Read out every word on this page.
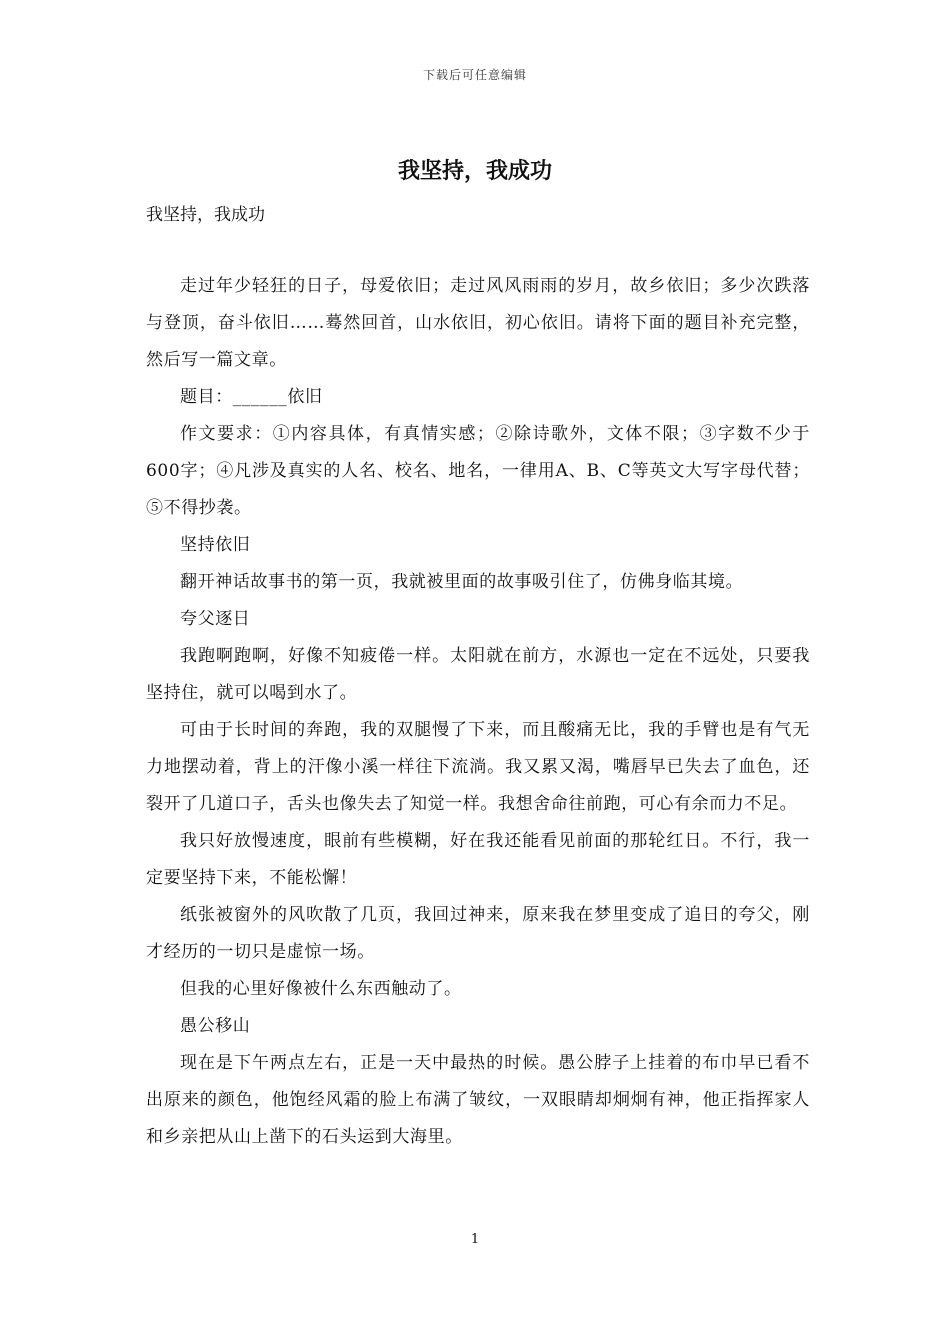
下载后可任意编辑
我坚持，我成功
我坚持，我成功

走过年少轻狂的日子，母爱依旧；走过风风雨雨的岁月，故乡依旧；多少次跌落与登顶，奋斗依旧……蓦然回首，山水依旧，初心依旧。请将下面的题目补充完整，然后写一篇文章。

题目：______依旧

作文要求：①内容具体，有真情实感；②除诗歌外，文体不限；③字数不少于600字；④凡涉及真实的人名、校名、地名，一律用A、B、C等英文大写字母代替；⑤不得抄袭。

坚持依旧

翻开神话故事书的第一页，我就被里面的故事吸引住了，仿佛身临其境。

夸父逐日

我跑啊跑啊，好像不知疲倦一样。太阳就在前方，水源也一定在不远处，只要我坚持住，就可以喝到水了。

可由于长时间的奔跑，我的双腿慢了下来，而且酸痛无比，我的手臂也是有气无力地摆动着，背上的汗像小溪一样往下流淌。我又累又渴，嘴唇早已失去了血色，还裂开了几道口子，舌头也像失去了知觉一样。我想舍命往前跑，可心有余而力不足。

我只好放慢速度，眼前有些模糊，好在我还能看见前面的那轮红日。不行，我一定要坚持下来，不能松懈！

纸张被窗外的风吹散了几页，我回过神来，原来我在梦里变成了追日的夸父，刚才经历的一切只是虚惊一场。

但我的心里好像被什么东西触动了。

愚公移山

现在是下午两点左右，正是一天中最热的时候。愚公脖子上挂着的布巾早已看不出原来的颜色，他饱经风霜的脸上布满了皱纹，一双眼睛却炯炯有神，他正指挥家人和乡亲把从山上凿下的石头运到大海里。

1
